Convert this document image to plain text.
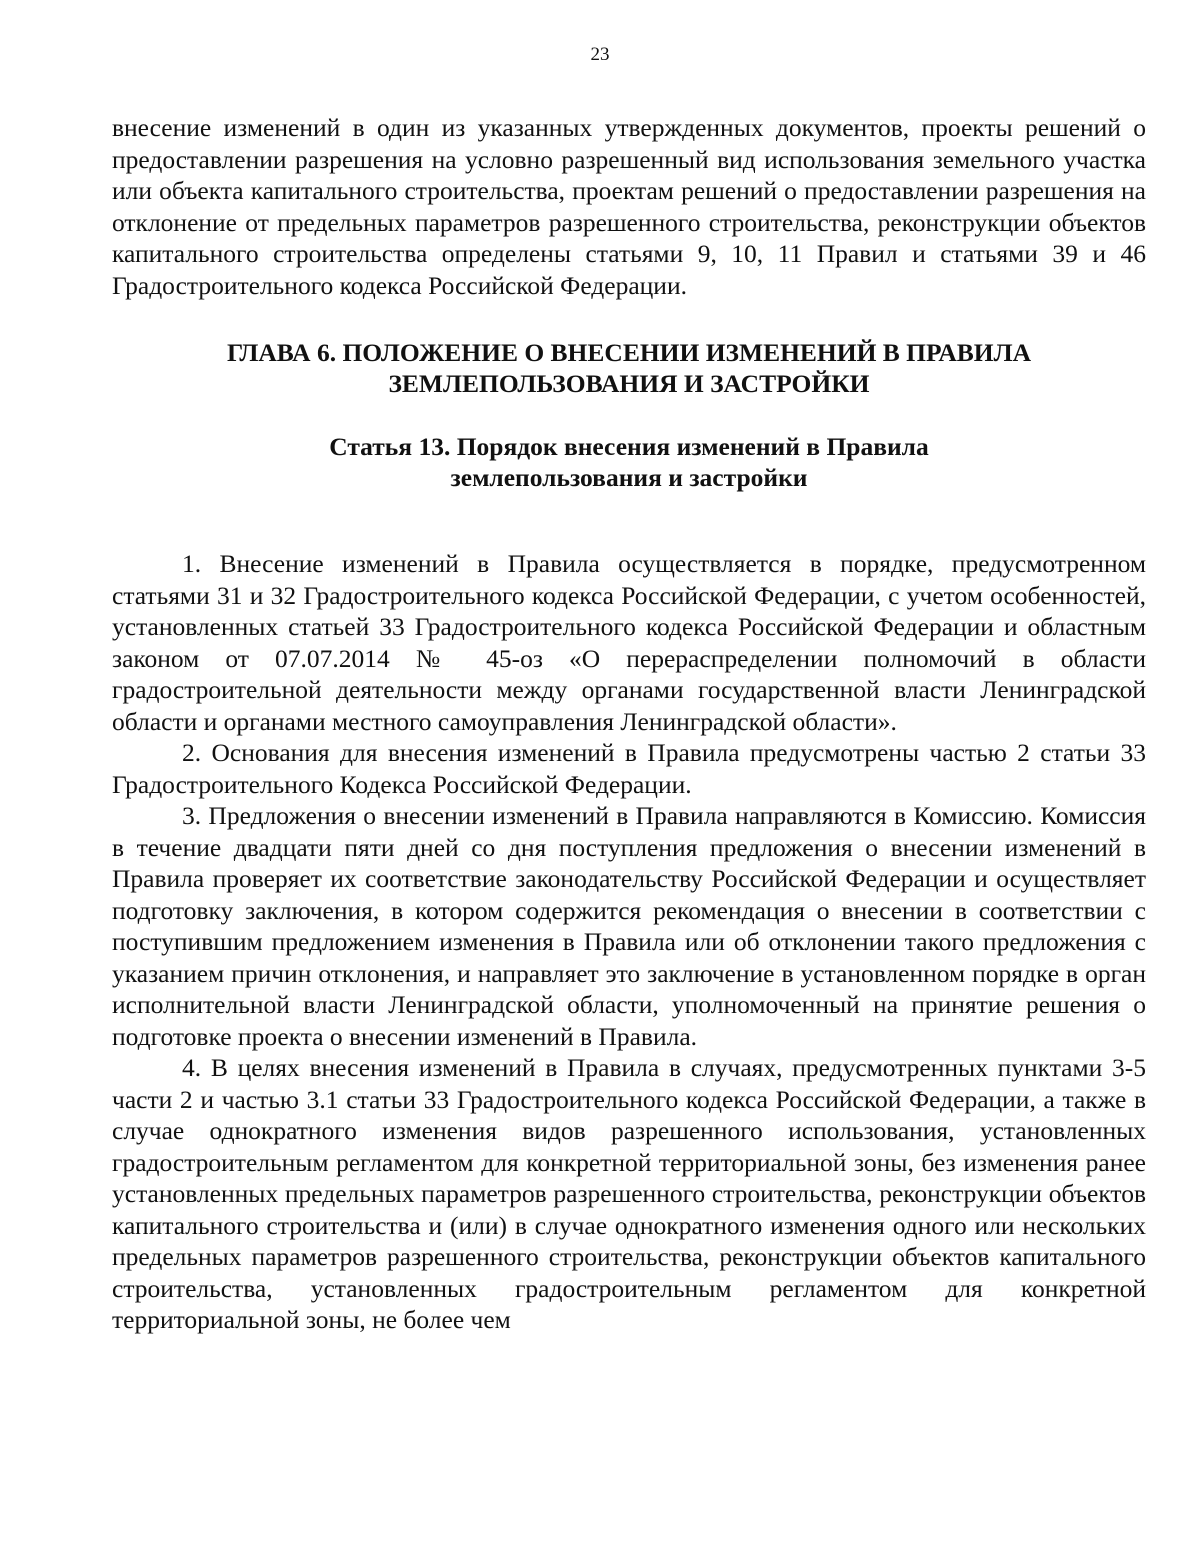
23

внесение изменений в один из указанных утвержденных документов, проекты решений о предоставлении разрешения на условно разрешенный вид использования земельного участка или объекта капитального строительства, проектам решений о предоставлении разрешения на отклонение от предельных параметров разрешенного строительства, реконструкции объектов капитального строительства определены статьями 9, 10, 11 Правил и статьями 39 и 46 Градостроительного кодекса Российской Федерации.

ГЛАВА 6. ПОЛОЖЕНИЕ О ВНЕСЕНИИ ИЗМЕНЕНИЙ В ПРАВИЛА
ЗЕМЛЕПОЛЬЗОВАНИЯ И ЗАСТРОЙКИ
Статья 13. Порядок внесения изменений в Правила
землепользования и застройки

1. Внесение изменений в Правила осуществляется в порядке, предусмотренном статьями 31 и 32 Градостроительного кодекса Российской Федерации, с учетом особенностей, установленных статьей 33 Градостроительного кодекса Российской Федерации и областным законом от 07.07.2014 № 45-оз «О перераспределении полномочий в области градостроительной деятельности между органами государственной власти Ленинградской области и органами местного самоуправления Ленинградской области».

2. Основания для внесения изменений в Правила предусмотрены частью 2 статьи 33 Градостроительного Кодекса Российской Федерации.

3. Предложения о внесении изменений в Правила направляются в Комиссию. Комиссия в течение двадцати пяти дней со дня поступления предложения о внесении изменений в Правила проверяет их соответствие законодательству Российской Федерации и осуществляет подготовку заключения, в котором содержится рекомендация о внесении в соответствии с поступившим предложением изменения в Правила или об отклонении такого предложения с указанием причин отклонения, и направляет это заключение в установленном порядке в орган исполнительной власти Ленинградской области, уполномоченный на принятие решения о подготовке проекта о внесении изменений в Правила.

4. В целях внесения изменений в Правила в случаях, предусмотренных пунктами 3-5 части 2 и частью 3.1 статьи 33 Градостроительного кодекса Российской Федерации, а также в случае однократного изменения видов разрешенного использования, установленных градостроительным регламентом для конкретной территориальной зоны, без изменения ранее установленных предельных параметров разрешенного строительства, реконструкции объектов капитального строительства и (или) в случае однократного изменения одного или нескольких предельных параметров разрешенного строительства, реконструкции объектов капитального строительства, установленных градостроительным регламентом для конкретной территориальной зоны, не более чем
